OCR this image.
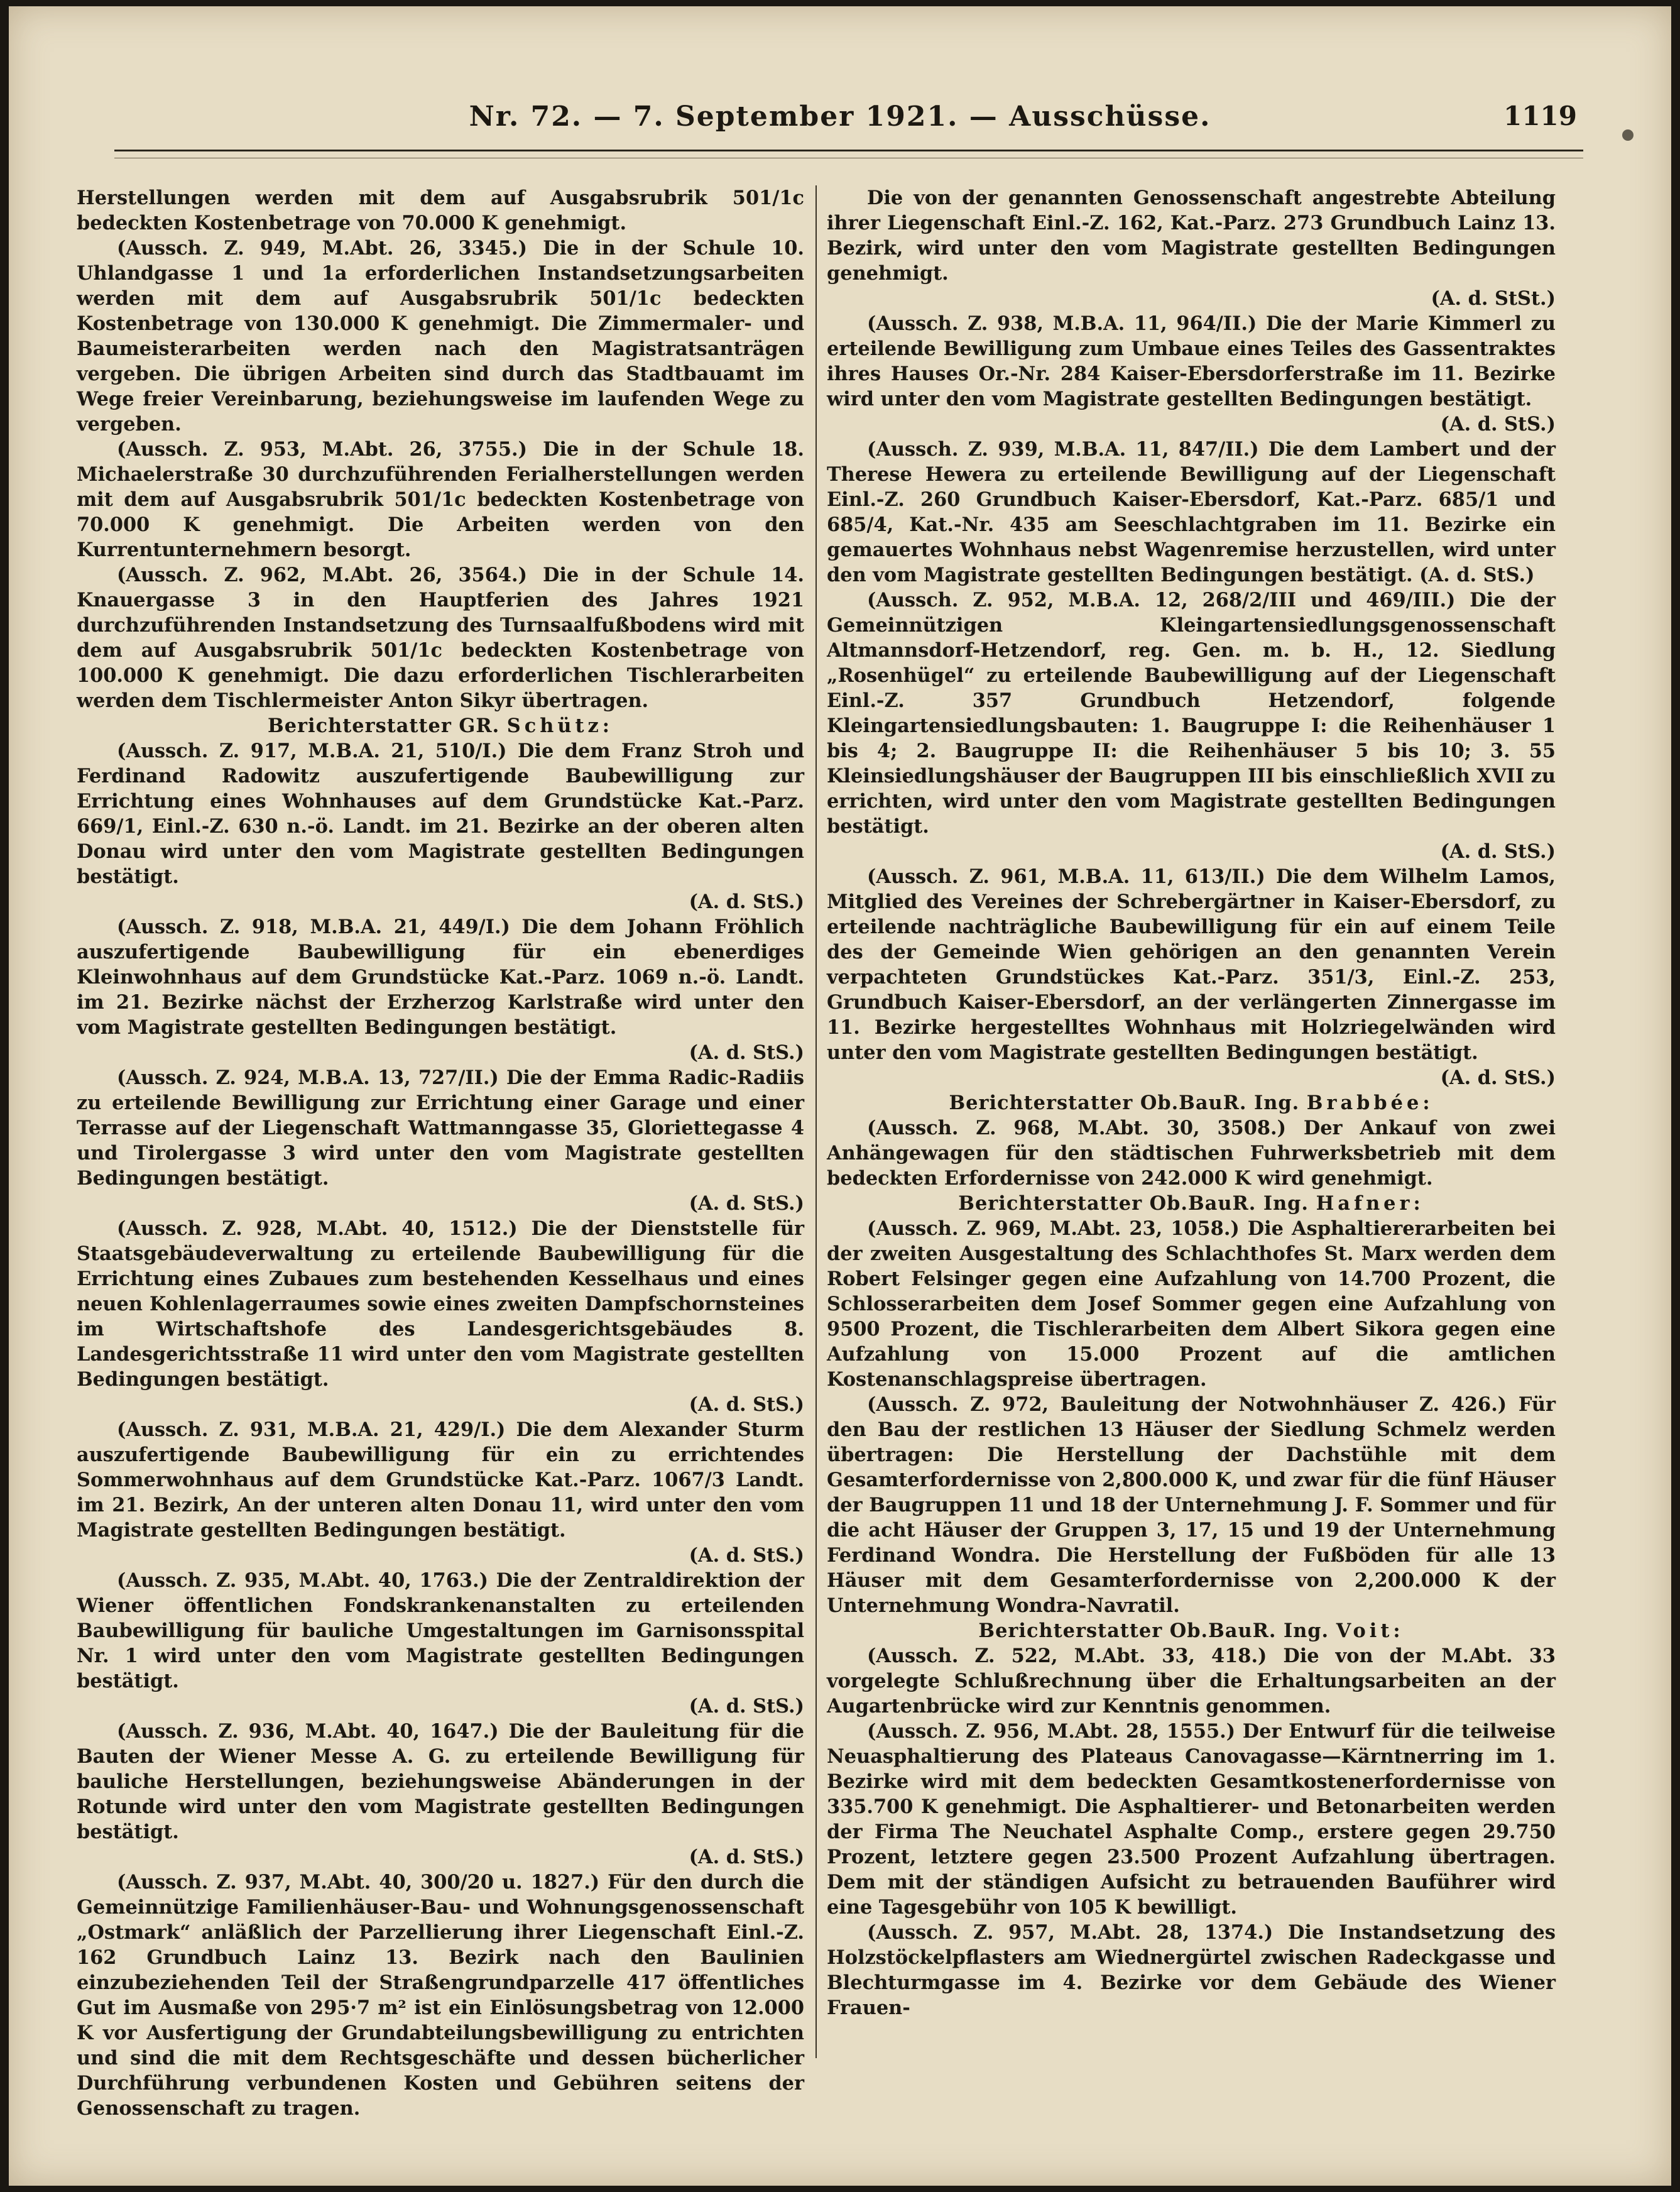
Nr. 72. — 7. September 1921. — Ausschüsse.	1119

Herstellungen werden mit dem auf Ausgabsrubrik 501/1c bedeckten Kostenbetrage von 70.000 K genehmigt.

(Aussch. Z. 949, M.Abt. 26, 3345.) Die in der Schule 10. Uhlandgasse 1 und 1a erforderlichen Instandsetzungsarbeiten werden mit dem auf Ausgabsrubrik 501/1c bedeckten Kostenbetrage von 130.000 K genehmigt. Die Zimmermaler- und Baumeisterarbeiten werden nach den Magistratsanträgen vergeben. Die übrigen Arbeiten sind durch das Stadtbauamt im Wege freier Vereinbarung, beziehungsweise im laufenden Wege zu vergeben.

(Aussch. Z. 953, M.Abt. 26, 3755.) Die in der Schule 18. Michaelerstraße 30 durchzuführenden Ferialherstellungen werden mit dem auf Ausgabsrubrik 501/1c bedeckten Kostenbetrage von 70.000 K genehmigt. Die Arbeiten werden von den Kurrentunternehmern besorgt.

(Aussch. Z. 962, M.Abt. 26, 3564.) Die in der Schule 14. Knauergasse 3 in den Hauptferien des Jahres 1921 durchzuführenden Instandsetzung des Turnsaalfußbodens wird mit dem auf Ausgabsrubrik 501/1c bedeckten Kostenbetrage von 100.000 K genehmigt. Die dazu erforderlichen Tischlerarbeiten werden dem Tischlermeister Anton Sikyr übertragen.

Berichterstatter GR. Schütz:

(Aussch. Z. 917, M.B.A. 21, 510/I.) Die dem Franz Stroh und Ferdinand Radowitz auszufertigende Baubewilligung zur Errichtung eines Wohnhauses auf dem Grundstücke Kat.-Parz. 669/1, Einl.-Z. 630 n.-ö. Landt. im 21. Bezirke an der oberen alten Donau wird unter den vom Magistrate gestellten Bedingungen bestätigt.

(A. d. StS.)

(Aussch. Z. 918, M.B.A. 21, 449/I.) Die dem Johann Fröhlich auszufertigende Baubewilligung für ein ebenerdiges Kleinwohnhaus auf dem Grundstücke Kat.-Parz. 1069 n.-ö. Landt. im 21. Bezirke nächst der Erzherzog Karlstraße wird unter den vom Magistrate gestellten Bedingungen bestätigt.

(A. d. StS.)

(Aussch. Z. 924, M.B.A. 13, 727/II.) Die der Emma Radic-Radiis zu erteilende Bewilligung zur Errichtung einer Garage und einer Terrasse auf der Liegenschaft Wattmanngasse 35, Gloriettegasse 4 und Tirolergasse 3 wird unter den vom Magistrate gestellten Bedingungen bestätigt.

(A. d. StS.)

(Aussch. Z. 928, M.Abt. 40, 1512.) Die der Dienststelle für Staatsgebäudeverwaltung zu erteilende Baubewilligung für die Errichtung eines Zubaues zum bestehenden Kesselhaus und eines neuen Kohlenlagerraumes sowie eines zweiten Dampfschornsteines im Wirtschaftshofe des Landesgerichtsgebäudes 8. Landesgerichtsstraße 11 wird unter den vom Magistrate gestellten Bedingungen bestätigt.

(A. d. StS.)

(Aussch. Z. 931, M.B.A. 21, 429/I.) Die dem Alexander Sturm auszufertigende Baubewilligung für ein zu errichtendes Sommerwohnhaus auf dem Grundstücke Kat.-Parz. 1067/3 Landt. im 21. Bezirk, An der unteren alten Donau 11, wird unter den vom Magistrate gestellten Bedingungen bestätigt.

(A. d. StS.)

(Aussch. Z. 935, M.Abt. 40, 1763.) Die der Zentraldirektion der Wiener öffentlichen Fondskrankenanstalten zu erteilenden Baubewilligung für bauliche Umgestaltungen im Garnisonsspital Nr. 1 wird unter den vom Magistrate gestellten Bedingungen bestätigt.

(A. d. StS.)

(Aussch. Z. 936, M.Abt. 40, 1647.) Die der Bauleitung für die Bauten der Wiener Messe A. G. zu erteilende Bewilligung für bauliche Herstellungen, beziehungsweise Abänderungen in der Rotunde wird unter den vom Magistrate gestellten Bedingungen bestätigt.

(A. d. StS.)

(Aussch. Z. 937, M.Abt. 40, 300/20 u. 1827.) Für den durch die Gemeinnützige Familienhäuser-Bau- und Wohnungsgenossenschaft „Ostmark“ anläßlich der Parzellierung ihrer Liegenschaft Einl.-Z. 162 Grundbuch Lainz 13. Bezirk nach den Baulinien einzubeziehenden Teil der Straßengrundparzelle 417 öffentliches Gut im Ausmaße von 295·7 m² ist ein Einlösungsbetrag von 12.000 K vor Ausfertigung der Grundabteilungsbewilligung zu entrichten und sind die mit dem Rechtsgeschäfte und dessen bücherlicher Durchführung verbundenen Kosten und Gebühren seitens der Genossenschaft zu tragen.

Die von der genannten Genossenschaft angestrebte Abteilung ihrer Liegenschaft Einl.-Z. 162, Kat.-Parz. 273 Grundbuch Lainz 13. Bezirk, wird unter den vom Magistrate gestellten Bedingungen genehmigt.

(A. d. StSt.)

(Aussch. Z. 938, M.B.A. 11, 964/II.) Die der Marie Kimmerl zu erteilende Bewilligung zum Umbaue eines Teiles des Gassentraktes ihres Hauses Or.-Nr. 284 Kaiser-Ebersdorferstraße im 11. Bezirke wird unter den vom Magistrate gestellten Bedingungen bestätigt.

(A. d. StS.)

(Aussch. Z. 939, M.B.A. 11, 847/II.) Die dem Lambert und der Therese Hewera zu erteilende Bewilligung auf der Liegenschaft Einl.-Z. 260 Grundbuch Kaiser-Ebersdorf, Kat.-Parz. 685/1 und 685/4, Kat.-Nr. 435 am Seeschlachtgraben im 11. Bezirke ein gemauertes Wohnhaus nebst Wagenremise herzustellen, wird unter den vom Magistrate gestellten Bedingungen bestätigt. (A. d. StS.)

(Aussch. Z. 952, M.B.A. 12, 268/2/III und 469/III.) Die der Gemeinnützigen Kleingartensiedlungsgenossenschaft Altmannsdorf-Hetzendorf, reg. Gen. m. b. H., 12. Siedlung „Rosenhügel“ zu erteilende Baubewilligung auf der Liegenschaft Einl.-Z. 357 Grundbuch Hetzendorf, folgende Kleingartensiedlungsbauten: 1. Baugruppe I: die Reihenhäuser 1 bis 4; 2. Baugruppe II: die Reihenhäuser 5 bis 10; 3. 55 Kleinsiedlungshäuser der Baugruppen III bis einschließlich XVII zu errichten, wird unter den vom Magistrate gestellten Bedingungen bestätigt.

(A. d. StS.)

(Aussch. Z. 961, M.B.A. 11, 613/II.) Die dem Wilhelm Lamos, Mitglied des Vereines der Schrebergärtner in Kaiser-Ebersdorf, zu erteilende nachträgliche Baubewilligung für ein auf einem Teile des der Gemeinde Wien gehörigen an den genannten Verein verpachteten Grundstückes Kat.-Parz. 351/3, Einl.-Z. 253, Grundbuch Kaiser-Ebersdorf, an der verlängerten Zinnergasse im 11. Bezirke hergestelltes Wohnhaus mit Holzriegelwänden wird unter den vom Magistrate gestellten Bedingungen bestätigt.

(A. d. StS.)

Berichterstatter Ob.BauR. Ing. Brabbée:

(Aussch. Z. 968, M.Abt. 30, 3508.) Der Ankauf von zwei Anhängewagen für den städtischen Fuhrwerksbetrieb mit dem bedeckten Erfordernisse von 242.000 K wird genehmigt.

Berichterstatter Ob.BauR. Ing. Hafner:

(Aussch. Z. 969, M.Abt. 23, 1058.) Die Asphaltiererarbeiten bei der zweiten Ausgestaltung des Schlachthofes St. Marx werden dem Robert Felsinger gegen eine Aufzahlung von 14.700 Prozent, die Schlosserarbeiten dem Josef Sommer gegen eine Aufzahlung von 9500 Prozent, die Tischlerarbeiten dem Albert Sikora gegen eine Aufzahlung von 15.000 Prozent auf die amtlichen Kostenanschlagspreise übertragen.

(Aussch. Z. 972, Bauleitung der Notwohnhäuser Z. 426.) Für den Bau der restlichen 13 Häuser der Siedlung Schmelz werden übertragen: Die Herstellung der Dachstühle mit dem Gesamterfordernisse von 2,800.000 K, und zwar für die fünf Häuser der Baugruppen 11 und 18 der Unternehmung J. F. Sommer und für die acht Häuser der Gruppen 3, 17, 15 und 19 der Unternehmung Ferdinand Wondra. Die Herstellung der Fußböden für alle 13 Häuser mit dem Gesamterfordernisse von 2,200.000 K der Unternehmung Wondra-Navratil.

Berichterstatter Ob.BauR. Ing. Voit:

(Aussch. Z. 522, M.Abt. 33, 418.) Die von der M.Abt. 33 vorgelegte Schlußrechnung über die Erhaltungsarbeiten an der Augartenbrücke wird zur Kenntnis genommen.

(Aussch. Z. 956, M.Abt. 28, 1555.) Der Entwurf für die teilweise Neuasphaltierung des Plateaus Canovagasse—Kärntnerring im 1. Bezirke wird mit dem bedeckten Gesamtkostenerfordernisse von 335.700 K genehmigt. Die Asphaltierer- und Betonarbeiten werden der Firma The Neuchatel Asphalte Comp., erstere gegen 29.750 Prozent, letztere gegen 23.500 Prozent Aufzahlung übertragen. Dem mit der ständigen Aufsicht zu betrauenden Bauführer wird eine Tagesgebühr von 105 K bewilligt.

(Aussch. Z. 957, M.Abt. 28, 1374.) Die Instandsetzung des Holzstöckelpflasters am Wiednergürtel zwischen Radeckgasse und Blechturmgasse im 4. Bezirke vor dem Gebäude des Wiener Frauen-
